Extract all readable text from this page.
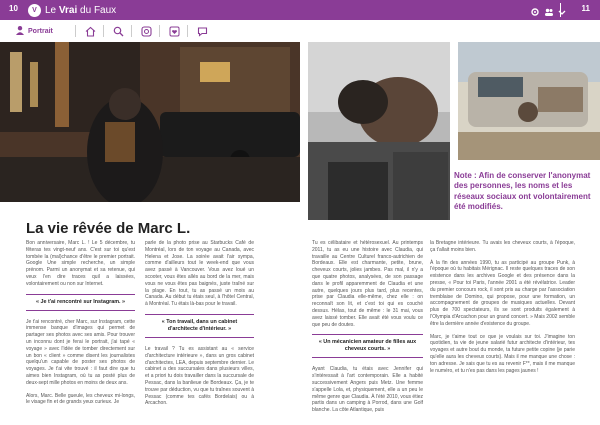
10	V Le Vrai du Faux	11
Portrait
Note : Afin de conserver l'anonymat des personnes, les noms et les réseaux sociaux ont volontairement été modifiés.
La vie rêvée de Marc L.

Bon anniversaire, Marc L. ! Le 5 décembre, tu fêteras tes vingt-neuf ans. C'est sur toi qu'est tombée la (mal)chance d'être le premier portrait. Google Une simple recherche, un simple prénom. Parmi un anonymat et sa retenue, qui veux l'en dire traces quil a laissées, volontairement ou non sur Internet.

« Je t'ai rencontré sur Instagram. »

Je t'ai rencontré, cher Marc, sur Instagram, cette immense banque d'images qui permet de partager ses photos avec ses amis. Pour trouver un inconnu dont je ferai le portrait, j'ai tapé « voyage » avec l'idée de tomber directement sur un bon « client » comme disent les journalistes quelqu'un capable de poster ses photos de voyages. Je t'ai vite trouvé : il faut dire que tu aimes bien Instagram, où tu as posté plus de deux-sept mille photos en moins de deux ans.

Alors, Marc. Belle gueule, les cheveux mi-longs, le visage fin et de grands yeux curieux. Je

parle de la photo prise au Starbucks Café de Montréal, lors de ton voyage au Canada, avec Helena et Jose. La soirée avait l'air sympa, comme d'ailleurs tout le week-end que vous avez passé à Vancouver. Vous avez loué un scooter, vous êtes allés au bord de la mer, mais vous ne vous êtes pas baignés, juste traîné sur la plage. En tout, tu as passé un mois au Canada. Au début tu étais seul, à l'hôtel Central, à Montréal. Tu étais là-bas pour le travail.

« Ton travail, dans un cabinet d'architecte d'intérieur. »

Le travail ? Tu es assistant au « service d'architecture intérieure », dans un gros cabinet d'architectes, LEA, depuis septembre dernier. Le cabinet a des succursales dans plusieurs villes, et a priori tu dois travailler dans la succursale de Pessac, dans la banlieue de Bordeaux. Ça, je te trouve par déduction, vu que tu traînes souvent à Pessac (comme tes cafés Bordelais) ou à Arcachon.

Tu es célibataire et hétérosexuel. Au printemps 2011, tu as eu une histoire avec Claudia, qui travaille au Centre Culturel franco-autrichien de Bordeaux. Elle est charmante, petite, brune, cheveux courts, jolies jambes. Pas mal, il n'y a que quatre photos, analysées, de son passage dans le profil apparemment de Claudia et une autre, quelques jours plus tard, plus recentes, prise par Claudia elle-même, chez elle : on reconnaît son lit, et c'est toi qui es couché dessus. Hélas, tout de même : le 31 mai, vous avez laissé tomber. Elle avait été vous voulu ce que peu de doutes.

« Un mécanicien amateur de filles aux cheveux courts. »

Ayant Claudia, tu étais avec Jennifer qui s'intéressait à l'art contemporain. Elle a habité successivement Angers puis Metz. Une femme s'appelle Lola, et, physiquement, elle a un peu le même genre que Claudia. À l'été 2010, vous étiez partis dans un camping à Porrod, dans une Golf blanche. La côte Atlantique, puis

la Bretagne intérieure. Tu avais les cheveux courts, à l'époque, ça t'allait moins bien.

À la fin des années 1990, tu as participé au groupe Punk, à l'époque où tu habitais Mérignac. Il reste quelques traces de son existence dans les archives Google et des présence dans la presse, « Pour toi Paris, l'année 2001 a été révélatrice. Leader du premier concours rock, il sont pris au charge par l'association tremblaise de Domino, qui propose, pour une formation, un accompagnement de groupes de musiques actuelles. Devant plus de 700 spectateurs, ils se sont produits également à l'Olympia d'Arcachon pour un grand concert. » Mais 2002 semble être la dernière année d'existence du groupe.

Marc, je t'aime tout ce que je voulais sur toi. J'imagine ton quotidien, ta vie de jeune salarié futur architecte d'intérieur, tes voyages et autre bout du monde, ta future petite copine (je parie qu'elle aura les cheveux courts). Mais il me manque une chose : ton adresse. Je sais que tu es au revenir F**, mais il me manque le numéro, et tu n'es pas dans les pages jaunes !
